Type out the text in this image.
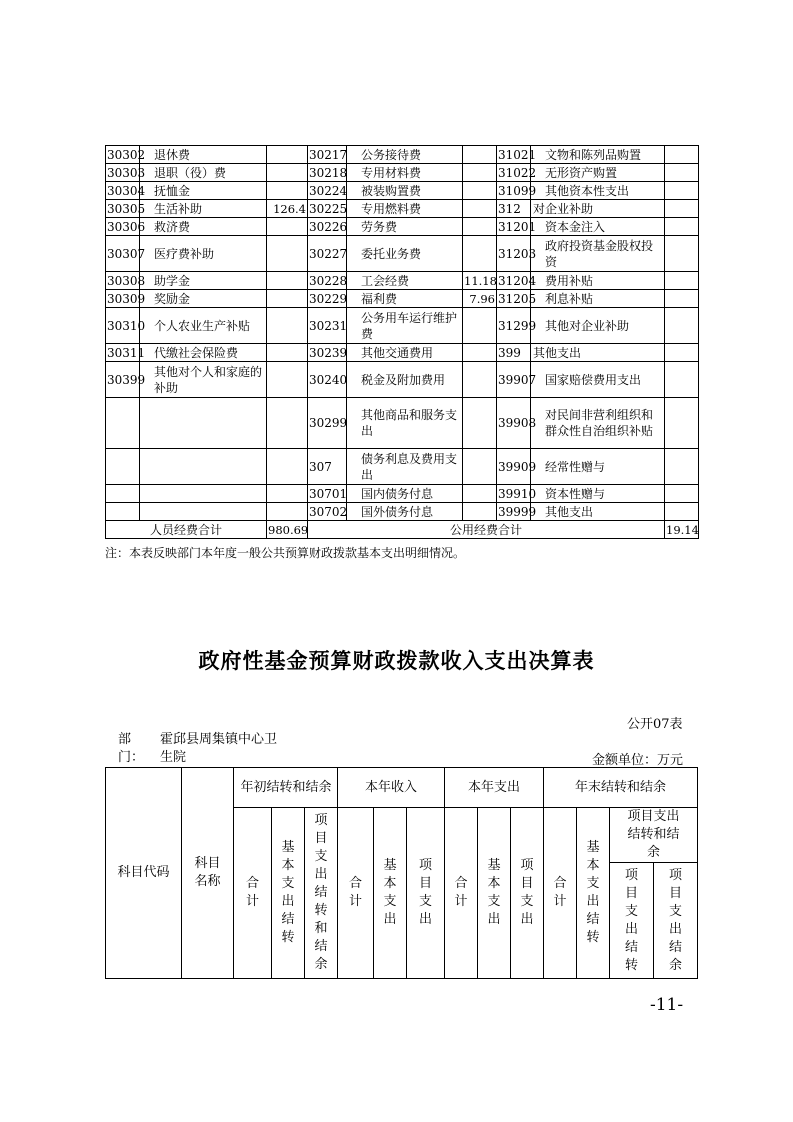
30302	退休费		30217	公务接待费		31021	文物和陈列品购置	
30303	退职（役）费		30218	专用材料费		31022	无形资产购置	
30304	抚恤金		30224	被装购置费		31099	其他资本性支出	
30305	生活补助	126.4	30225	专用燃料费		312	对企业补助	
30306	救济费		30226	劳务费		31201	资本金注入	
30307	医疗费补助		30227	委托业务费		31203	政府投资基金股权投资	
30308	助学金		30228	工会经费	11.18	31204	费用补贴	
30309	奖励金		30229	福利费	7.96	31205	利息补贴	
30310	个人农业生产补贴		30231	公务用车运行维护费		31299	其他对企业补助	
30311	代缴社会保险费		30239	其他交通费用		399	其他支出	
30399	其他对个人和家庭的补助		30240	税金及附加费用		39907	国家赔偿费用支出	
			30299	其他商品和服务支出		39908	对民间非营利组织和群众性自治组织补贴	
			307	债务利息及费用支出		39909	经常性赠与	
			30701	国内债务付息		39910	资本性赠与	
			30702	国外债务付息		39999	其他支出	
人员经费合计		980.69	公用经费合计					19.14
注：本表反映部门本年度一般公共预算财政拨款基本支出明细情况。
政府性基金预算财政拨款收入支出决算表
公开07表
部
门：
霍邱县周集镇中心卫
生院	金额单位：万元
科目代码	科目名称	年初结转和结余			本年收入			本年支出			年末结转和结余			
		合计	基本支出结转	项目支出结转和结余	合计	基本支出	项目支出	合计	基本支出	项目支出	合计	基本支出结转	项目支出结转和结余	
													项目支出结转	项目支出结余
-11-
